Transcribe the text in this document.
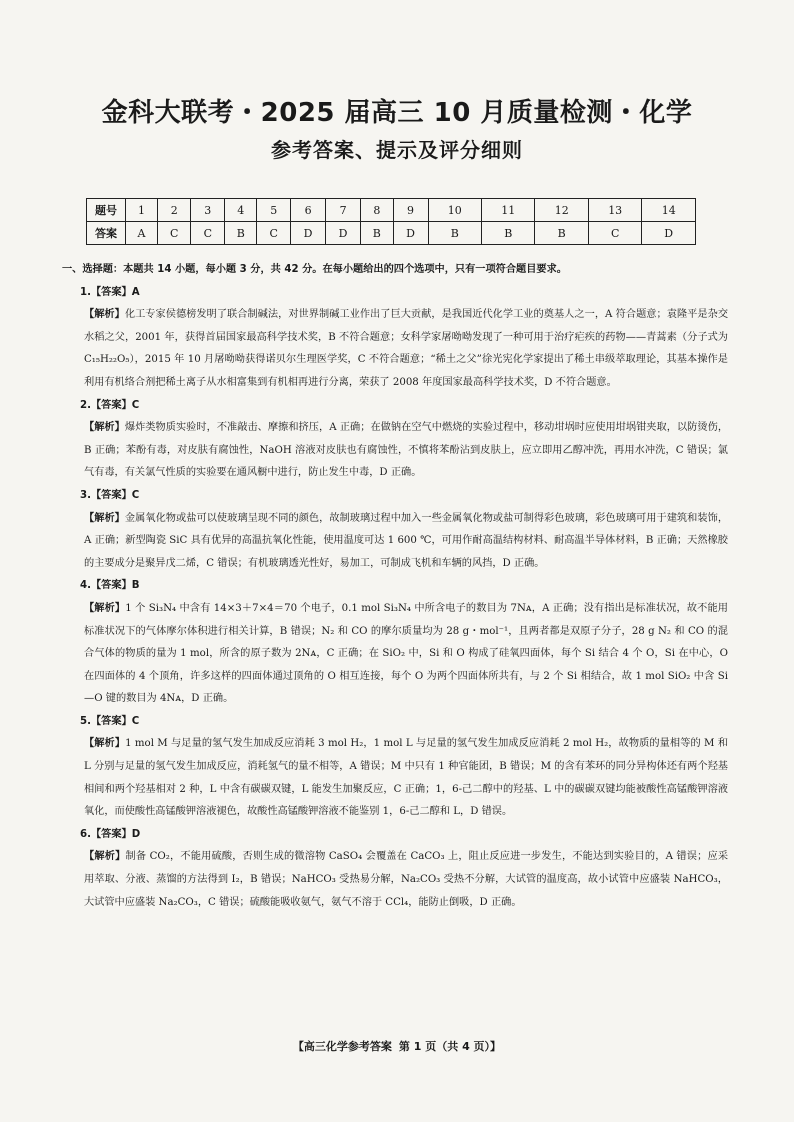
金科大联考・2025 届高三 10 月质量检测・化学
参考答案、提示及评分细则
题号	1	2	3	4	5	6	7	8	9	10	11	12	13	14
答案	A	C	C	B	C	D	D	B	D	B	B	B	C	D
一、选择题：本题共 14 小题，每小题 3 分，共 42 分。在每小题给出的四个选项中，只有一项符合题目要求。
1.【答案】A

【解析】化工专家侯德榜发明了联合制碱法，对世界制碱工业作出了巨大贡献，是我国近代化学工业的奠基人之一，A 符合题意；袁隆平是杂交水稻之父，2001 年，获得首届国家最高科学技术奖，B 不符合题意；女科学家屠呦呦发现了一种可用于治疗疟疾的药物——青蒿素（分子式为 C₁₅H₂₂O₅），2015 年 10 月屠呦呦获得诺贝尔生理医学奖，C 不符合题意；“稀土之父”徐光宪化学家提出了稀土串级萃取理论，其基本操作是利用有机络合剂把稀土离子从水相富集到有机相再进行分离，荣获了 2008 年度国家最高科学技术奖，D 不符合题意。

2.【答案】C

【解析】爆炸类物质实验时，不准敲击、摩擦和挤压，A 正确；在做钠在空气中燃烧的实验过程中，移动坩埚时应使用坩埚钳夹取，以防烫伤，B 正确；苯酚有毒，对皮肤有腐蚀性，NaOH 溶液对皮肤也有腐蚀性，不慎将苯酚沾到皮肤上，应立即用乙醇冲洗，再用水冲洗，C 错误；氯气有毒，有关氯气性质的实验要在通风橱中进行，防止发生中毒，D 正确。

3.【答案】C

【解析】金属氧化物或盐可以使玻璃呈现不同的颜色，故制玻璃过程中加入一些金属氧化物或盐可制得彩色玻璃，彩色玻璃可用于建筑和装饰，A 正确；新型陶瓷 SiC 具有优异的高温抗氧化性能，使用温度可达 1 600 ℃，可用作耐高温结构材料、耐高温半导体材料，B 正确；天然橡胶的主要成分是聚异戊二烯，C 错误；有机玻璃透光性好，易加工，可制成飞机和车辆的风挡，D 正确。

4.【答案】B

【解析】1 个 Si₃N₄ 中含有 14×3＋7×4＝70 个电子，0.1 mol Si₃N₄ 中所含电子的数目为 7Nᴀ，A 正确；没有指出是标准状况，故不能用标准状况下的气体摩尔体积进行相关计算，B 错误；N₂ 和 CO 的摩尔质量均为 28 g・mol⁻¹，且两者都是双原子分子，28 g N₂ 和 CO 的混合气体的物质的量为 1 mol，所含的原子数为 2Nᴀ，C 正确；在 SiO₂ 中，Si 和 O 构成了硅氧四面体，每个 Si 结合 4 个 O，Si 在中心，O 在四面体的 4 个顶角，许多这样的四面体通过顶角的 O 相互连接，每个 O 为两个四面体所共有，与 2 个 Si 相结合，故 1 mol SiO₂ 中含 Si—O 键的数目为 4Nᴀ，D 正确。

5.【答案】C

【解析】1 mol M 与足量的氢气发生加成反应消耗 3 mol H₂，1 mol L 与足量的氢气发生加成反应消耗 2 mol H₂，故物质的量相等的 M 和 L 分别与足量的氢气发生加成反应，消耗氢气的量不相等，A 错误；M 中只有 1 种官能团，B 错误；M 的含有苯环的同分异构体还有两个羟基相间和两个羟基相对 2 种，L 中含有碳碳双键，L 能发生加聚反应，C 正确；1，6-己二醇中的羟基、L 中的碳碳双键均能被酸性高锰酸钾溶液氧化，而使酸性高锰酸钾溶液褪色，故酸性高锰酸钾溶液不能鉴别 1，6-己二醇和 L，D 错误。

6.【答案】D

【解析】制备 CO₂，不能用硫酸，否则生成的微溶物 CaSO₄ 会覆盖在 CaCO₃ 上，阻止反应进一步发生，不能达到实验目的，A 错误；应采用萃取、分液、蒸馏的方法得到 I₂，B 错误；NaHCO₃ 受热易分解，Na₂CO₃ 受热不分解，大试管的温度高，故小试管中应盛装 NaHCO₃，大试管中应盛装 Na₂CO₃，C 错误；硫酸能吸收氨气，氨气不溶于 CCl₄，能防止倒吸，D 正确。

【高三化学参考答案 第 1 页（共 4 页）】
